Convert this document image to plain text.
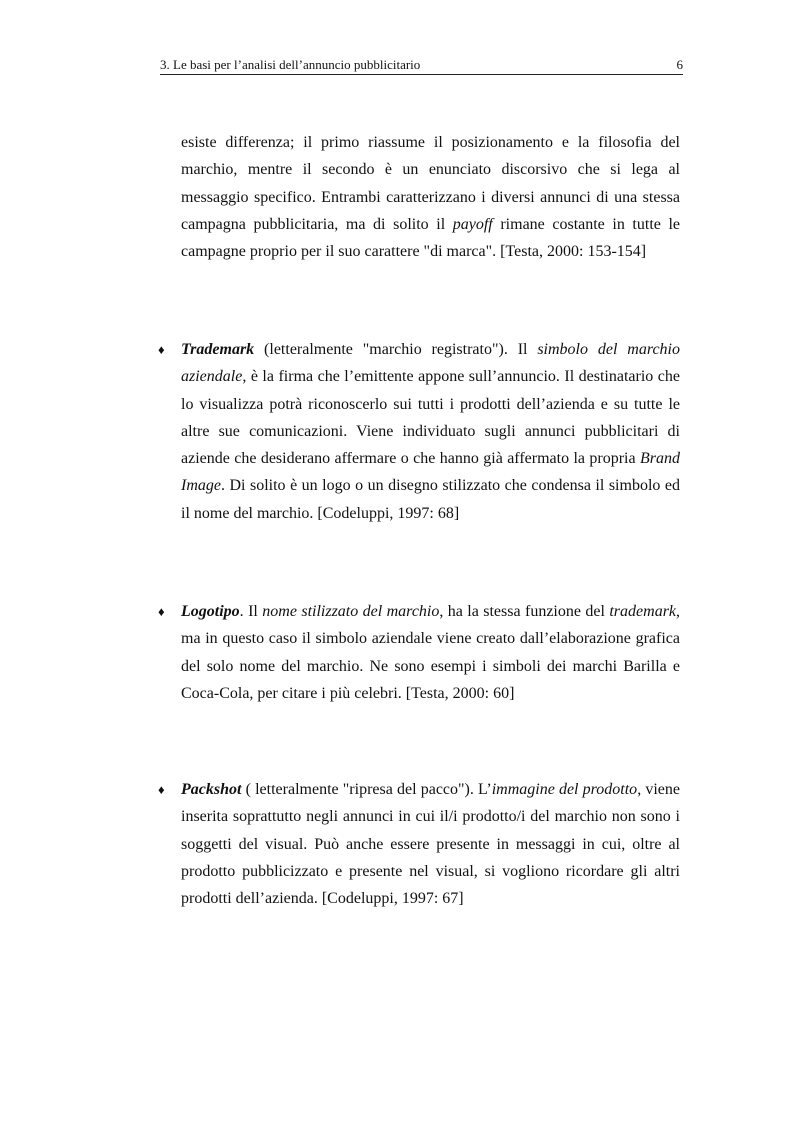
3. Le basi per l’analisi dell’annuncio pubblicitario	6

esiste differenza; il primo riassume il posizionamento e la filosofia del marchio, mentre il secondo è un enunciato discorsivo che si lega al messaggio specifico. Entrambi caratterizzano i diversi annunci di una stessa campagna pubblicitaria, ma di solito il payoff rimane costante in tutte le campagne proprio per il suo carattere "di marca". [Testa, 2000: 153-154]

♦ Trademark (letteralmente "marchio registrato"). Il simbolo del marchio aziendale, è la firma che l’emittente appone sull’annuncio. Il destinatario che lo visualizza potrà riconoscerlo sui tutti i prodotti dell’azienda e su tutte le altre sue comunicazioni. Viene individuato sugli annunci pubblicitari di aziende che desiderano affermare o che hanno già affermato la propria Brand Image. Di solito è un logo o un disegno stilizzato che condensa il simbolo ed il nome del marchio. [Codeluppi, 1997: 68]

♦ Logotipo. Il nome stilizzato del marchio, ha la stessa funzione del trademark, ma in questo caso il simbolo aziendale viene creato dall’elaborazione grafica del solo nome del marchio. Ne sono esempi i simboli dei marchi Barilla e Coca-Cola, per citare i più celebri. [Testa, 2000: 60]

♦ Packshot ( letteralmente "ripresa del pacco"). L’immagine del prodotto, viene inserita soprattutto negli annunci in cui il/i prodotto/i del marchio non sono i soggetti del visual. Può anche essere presente in messaggi in cui, oltre al prodotto pubblicizzato e presente nel visual, si vogliono ricordare gli altri prodotti dell’azienda. [Codeluppi, 1997: 67]
